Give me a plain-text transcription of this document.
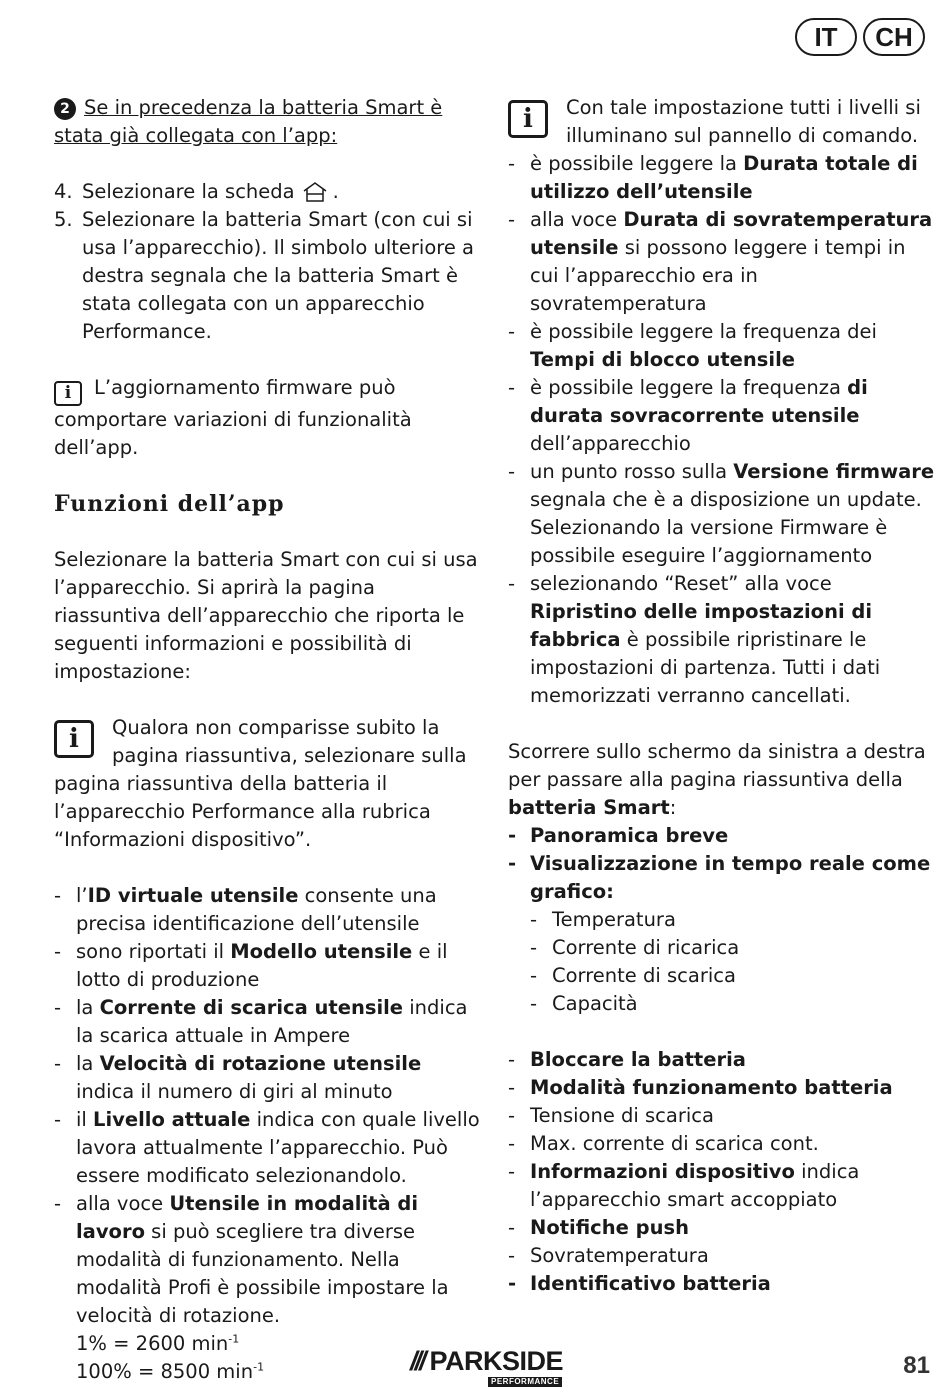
IT	CH

2 Se in precedenza la batteria Smart è
stata già collegata con l’app:

4. Selezionare la scheda .
5. Selezionare la batteria Smart (con cui si usa l’apparecchio). Il simbolo ulteriore a destra segnala che la batteria Smart è stata collegata con un apparecchio Performance.

i L’aggiornamento firmware può comportare variazioni di funzionalità dell’app.

Funzioni dell’app

Selezionare la batteria Smart con cui si usa l’apparecchio. Si aprirà la pagina riassuntiva dell’apparecchio che riporta le seguenti informazioni e possibilità di impostazione:

i	Qualora non comparisse subito la pagina riassuntiva, selezionare sulla pagina riassuntiva della batteria il l’apparecchio Performance alla rubrica “Informazioni dispositivo”.

- l’ID virtuale utensile consente una precisa identificazione dell’utensile
- sono riportati il Modello utensile e il lotto di produzione
- la Corrente di scarica utensile indica la scarica attuale in Ampere
- la Velocità di rotazione utensile indica il numero di giri al minuto
- il Livello attuale indica con quale livello lavora attualmente l’apparecchio. Può essere modificato selezionandolo.
- alla voce Utensile in modalità di lavoro si può scegliere tra diverse modalità di funzionamento. Nella modalità Profi è possibile impostare la velocità di rotazione.
1% = 2600 $\min^{-1}$
100% = 8500 $\min^{-1}$

i	Con tale impostazione tutti i livelli si illuminano sul pannello di comando.

- è possibile leggere la Durata totale di utilizzo dell’utensile
- alla voce Durata di sovratemperatura utensile si possono leggere i tempi in cui l’apparecchio era in sovratemperatura
- è possibile leggere la frequenza dei Tempi di blocco utensile
- è possibile leggere la frequenza di durata sovracorrente utensile dell’apparecchio
- un punto rosso sulla Versione firmware segnala che è a disposizione un update. Selezionando la versione Firmware è possibile eseguire l’aggiornamento
- selezionando “Reset” alla voce Ripristino delle impostazioni di fabbrica è possibile ripristinare le impostazioni di partenza. Tutti i dati memorizzati verranno cancellati.

Scorrere sullo schermo da sinistra a destra per passare alla pagina riassuntiva della batteria Smart:

- Panoramica breve
- Visualizzazione in tempo reale come grafico:
- Temperatura
- Corrente di ricarica
- Corrente di scarica
- Capacità
- Bloccare la batteria
- Modalità funzionamento batteria
- Tensione di scarica
- Max. corrente di scarica cont.
- Informazioni dispositivo indica l’apparecchio smart accoppiato
- Notifiche push
- Sovratemperatura
- Identificativo batteria
/// PARKSIDE
PERFORMANCE
81
